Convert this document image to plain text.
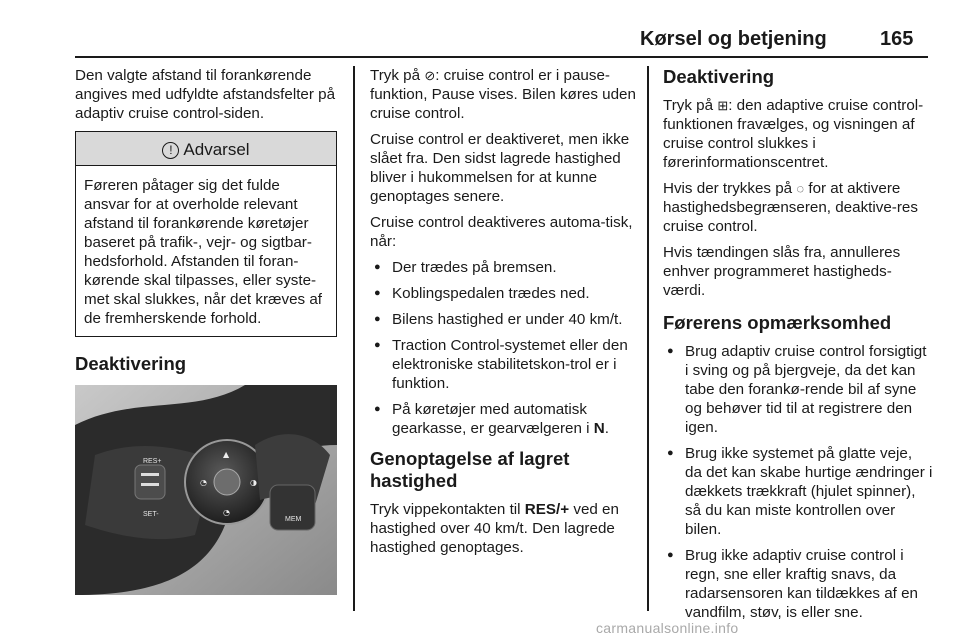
Kørsel og betjening	165

Den valgte afstand til forankørende angives med udfyldte afstandsfelter på adaptiv cruise control-siden.

! Advarsel
Føreren påtager sig det fulde ansvar for at overholde relevant afstand til forankørende køretøjer baseret på trafik-, vejr- og sigtbar-hedsforhold. Afstanden til foran-kørende skal tilpasses, eller syste-met skal slukkes, når det kræves af de fremherskende forhold.
Deaktivering
◔
▲
◑
◔
RES+
SET-
MEM

Tryk på ⊘: cruise control er i pause-funktion, Pause vises. Bilen køres uden cruise control.

Cruise control er deaktiveret, men ikke slået fra. Den sidst lagrede hastighed bliver i hukommelsen for at kunne genoptages senere.

Cruise control deaktiveres automa-tisk, når:

● Der trædes på bremsen.
● Koblingspedalen trædes ned.
● Bilens hastighed er under 40 km/t.
● Traction Control-systemet eller den elektroniske stabilitetskon-trol er i funktion.
● På køretøjer med automatisk gearkasse, er gearvælgeren i N.
Genoptagelse af lagret hastighed

Tryk vippekontakten til RES/+ ved en hastighed over 40 km/t. Den lagrede hastighed genoptages.

Deaktivering

Tryk på ⊞: den adaptive cruise control-funktionen fravælges, og visningen af cruise control slukkes i førerinformationscentret.

Hvis der trykkes på ◌ for at aktivere hastighedsbegrænseren, deaktive-res cruise control.

Hvis tændingen slås fra, annulleres enhver programmeret hastigheds-værdi.

Førerens opmærksomhed
● Brug adaptiv cruise control forsigtigt i sving og på bjergveje, da det kan tabe den forankø-rende bil af syne og behøver tid til at registrere den igen.
● Brug ikke systemet på glatte veje, da det kan skabe hurtige ændringer i dækkets trækkraft (hjulet spinner), så du kan miste kontrollen over bilen.
● Brug ikke adaptiv cruise control i regn, sne eller kraftig snavs, da radarsensoren kan tildækkes af en vandfilm, støv, is eller sne.
carmanualsonline.info
